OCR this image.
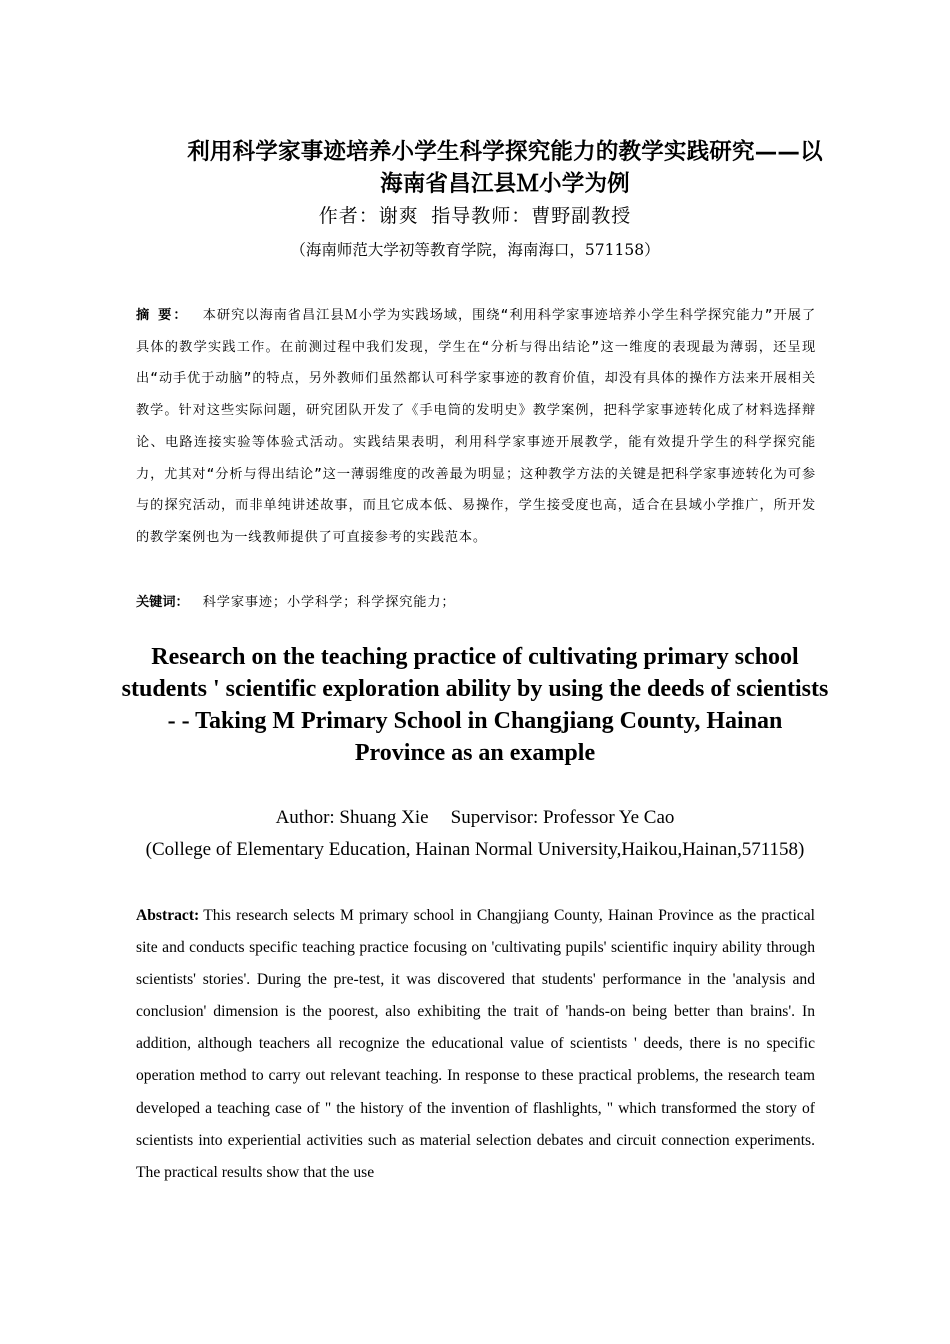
利用科学家事迹培养小学生科学探究能力的教学实践研究——以海南省昌江县Ｍ小学为例
作者：谢爽 指导教师：曹野副教授
（海南师范大学初等教育学院，海南海口，571158）
摘 要： 本研究以海南省昌江县Ｍ小学为实践场域，围绕“利用科学家事迹培养小学生科学探究能力”开展了具体的教学实践工作。在前测过程中我们发现，学生在“分析与得出结论”这一维度的表现最为薄弱，还呈现出“动手优于动脑”的特点，另外教师们虽然都认可科学家事迹的教育价值，却没有具体的操作方法来开展相关教学。针对这些实际问题，研究团队开发了《手电筒的发明史》教学案例，把科学家事迹转化成了材料选择辩论、电路连接实验等体验式活动。实践结果表明，利用科学家事迹开展教学，能有效提升学生的科学探究能力，尤其对“分析与得出结论”这一薄弱维度的改善最为明显；这种教学方法的关键是把科学家事迹转化为可参与的探究活动，而非单纯讲述故事，而且它成本低、易操作，学生接受度也高，适合在县域小学推广，所开发的教学案例也为一线教师提供了可直接参考的实践范本。
关键词： 科学家事迹；小学科学；科学探究能力；
Research on the teaching practice of cultivating primary school students ' scientific exploration ability by using the deeds of scientists - - Taking M Primary School in Changjiang County, Hainan Province as an example
Author: Shuang Xie Supervisor: Professor Ye Cao
(College of Elementary Education, Hainan Normal University,Haikou,Hainan,571158)
Abstract: This research selects M primary school in Changjiang County, Hainan Province as the practical site and conducts specific teaching practice focusing on 'cultivating pupils' scientific inquiry ability through scientists' stories'. During the pre-test, it was discovered that students' performance in the 'analysis and conclusion' dimension is the poorest, also exhibiting the trait of 'hands-on being better than brains'. In addition, although teachers all recognize the educational value of scientists ' deeds, there is no specific operation method to carry out relevant teaching. In response to these practical problems, the research team developed a teaching case of " the history of the invention of flashlights, " which transformed the story of scientists into experiential activities such as material selection debates and circuit connection experiments. The practical results show that the use
